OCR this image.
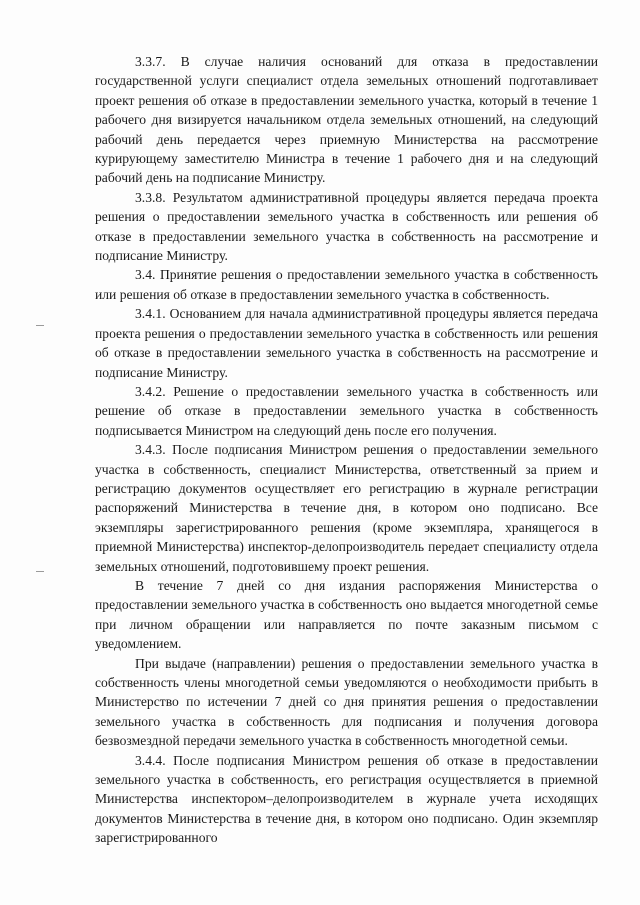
3.3.7. В случае наличия оснований для отказа в предоставлении государственной услуги специалист отдела земельных отношений подготавливает проект решения об отказе в предоставлении земельного участка, который в течение 1 рабочего дня визируется начальником отдела земельных отношений, на следующий рабочий день передается через приемную Министерства на рассмотрение курирующему заместителю Министра в течение 1 рабочего дня и на следующий рабочий день на подписание Министру.

3.3.8. Результатом административной процедуры является передача проекта решения о предоставлении земельного участка в собственность или решения об отказе в предоставлении земельного участка в собственность на рассмотрение и подписание Министру.

3.4. Принятие решения о предоставлении земельного участка в собственность или решения об отказе в предоставлении земельного участка в собственность.

3.4.1. Основанием для начала административной процедуры является передача проекта решения о предоставлении земельного участка в собственность или решения об отказе в предоставлении земельного участка в собственность на рассмотрение и подписание Министру.

3.4.2. Решение о предоставлении земельного участка в собственность или решение об отказе в предоставлении земельного участка в собственность подписывается Министром на следующий день после его получения.

3.4.3. После подписания Министром решения о предоставлении земельного участка в собственность, специалист Министерства, ответственный за прием и регистрацию документов осуществляет его регистрацию в журнале регистрации распоряжений Министерства в течение дня, в котором оно подписано. Все экземпляры зарегистрированного решения (кроме экземпляра, хранящегося в приемной Министерства) инспектор-делопроизводитель передает специалисту отдела земельных отношений, подготовившему проект решения.

В течение 7 дней со дня издания распоряжения Министерства о предоставлении земельного участка в собственность оно выдается многодетной семье при личном обращении или направляется по почте заказным письмом с уведомлением.

При выдаче (направлении) решения о предоставлении земельного участка в собственность члены многодетной семьи уведомляются о необходимости прибыть в Министерство по истечении 7 дней со дня принятия решения о предоставлении земельного участка в собственность для подписания и получения договора безвозмездной передачи земельного участка в собственность многодетной семьи.

3.4.4. После подписания Министром решения об отказе в предоставлении земельного участка в собственность, его регистрация осуществляется в приемной Министерства инспектором–делопроизводителем в журнале учета исходящих документов Министерства в течение дня, в котором оно подписано. Один экземпляр зарегистрированного
